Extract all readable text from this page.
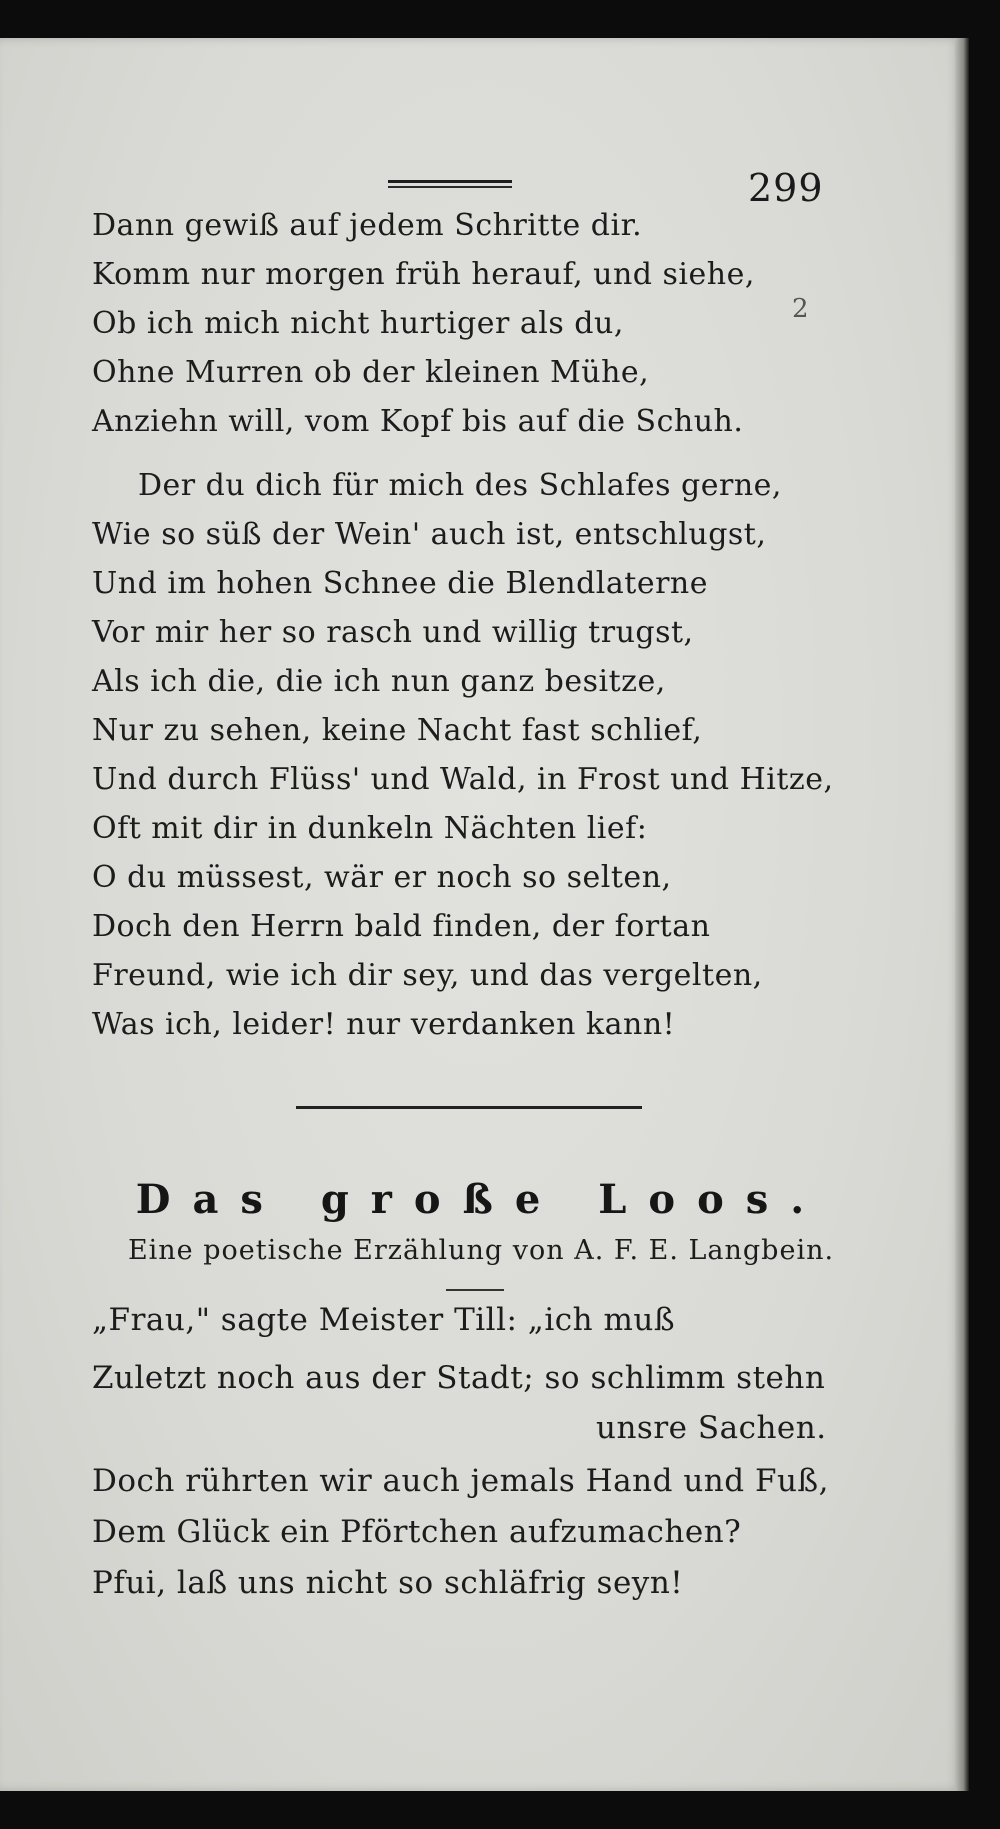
299
2
Dann gewiß auf jedem Schritte dir.
Komm nur morgen früh herauf, und siehe,
Ob ich mich nicht hurtiger als du,
Ohne Murren ob der kleinen Mühe,
Anziehn will, vom Kopf bis auf die Schuh.
Der du dich für mich des Schlafes gerne,
Wie so süß der Wein' auch ist, entschlugst,
Und im hohen Schnee die Blendlaterne
Vor mir her so rasch und willig trugst,
Als ich die, die ich nun ganz besitze,
Nur zu sehen, keine Nacht fast schlief,
Und durch Flüss' und Wald, in Frost und Hitze,
Oft mit dir in dunkeln Nächten lief:
O du müssest, wär er noch so selten,
Doch den Herrn bald finden, der fortan
Freund, wie ich dir sey, und das vergelten,
Was ich, leider! nur verdanken kann!
Das große Loos.
Eine poetische Erzählung von A. F. E. Langbein.
„Frau," sagte Meister Till: „ich muß
Zuletzt noch aus der Stadt; so schlimm stehn
unsre Sachen.
Doch rührten wir auch jemals Hand und Fuß,
Dem Glück ein Pförtchen aufzumachen?
Pfui, laß uns nicht so schläfrig seyn!
